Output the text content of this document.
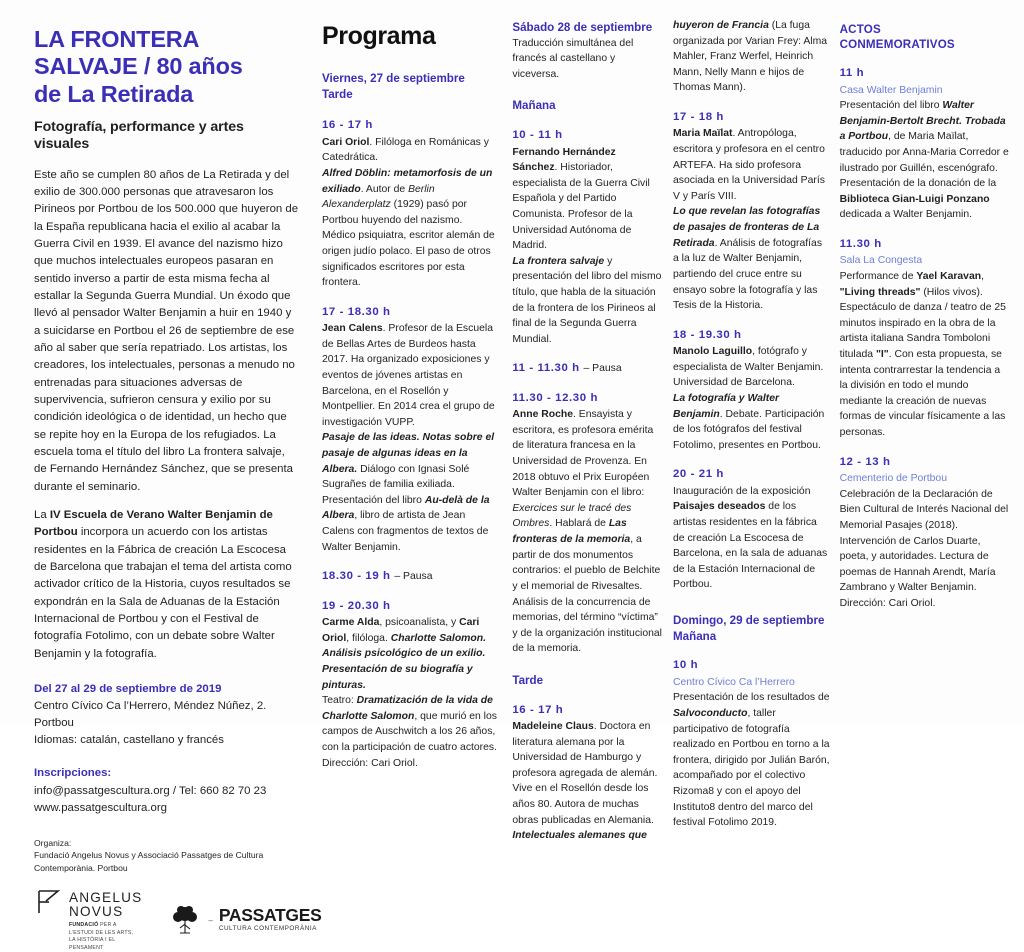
LA FRONTERA
SALVAJE / 80 años
de La Retirada
Fotografía, performance y artes visuales

Este año se cumplen 80 años de La Retirada y del exilio de 300.000 personas que atravesaron los Pirineos por Portbou de los 500.000 que huyeron de la España republicana hacia el exilio al acabar la Guerra Civil en 1939. El avance del nazismo hizo que muchos intelectuales europeos pasaran en sentido inverso a partir de esta misma fecha al estallar la Segunda Guerra Mundial. Un éxodo que llevó al pensador Walter Benjamin a huir en 1940 y a suicidarse en Portbou el 26 de septiembre de ese año al saber que sería repatriado. Los artistas, los creadores, los intelectuales, personas a menudo no entrenadas para situaciones adversas de supervivencia, sufrieron censura y exilio por su condición ideológica o de identidad, un hecho que se repite hoy en la Europa de los refugiados. La escuela toma el título del libro La frontera salvaje, de Fernando Hernández Sánchez, que se presenta durante el seminario.

La IV Escuela de Verano Walter Benjamin de Portbou incorpora un acuerdo con los artistas residentes en la Fábrica de creación La Escocesa de Barcelona que trabajan el tema del artista como activador crítico de la Historia, cuyos resultados se expondrán en la Sala de Aduanas de la Estación Internacional de Portbou y con el Festival de fotografía Fotolimo, con un debate sobre Walter Benjamin y la fotografía.

Del 27 al 29 de septiembre de 2019
Centro Cívico Ca l’Herrero, Méndez Núñez, 2. Portbou
Idiomas: catalán, castellano y francés
Inscripciones:
info@passatgescultura.org / Tel: 660 82 70 23
www.passatgescultura.org
Organiza:
Fundació Angelus Novus y Associació Passatges de Cultura Contemporània. Portbou
ANGELUS NOVUS
FUNDACIÓ PER A L’ESTUDI DE LES ARTS,
LA HISTÒRIA I EL PENSAMENT
– PASSATGES
CULTURA CONTEMPORÀNIA
Programa
Viernes, 27 de septiembre
Tarde
16 - 17 h
Cari Oriol. Filóloga en Románicas y Catedrática.
Alfred Döblin: metamorfosis de un exiliado. Autor de Berlin Alexanderplatz (1929) pasó por Portbou huyendo del nazismo. Médico psiquiatra, escritor alemán de origen judío polaco. El paso de otros significados escritores por esta frontera.
17 - 18.30 h
Jean Calens. Profesor de la Escuela de Bellas Artes de Burdeos hasta 2017. Ha organizado exposiciones y eventos de jóvenes artistas en Barcelona, en el Rosellón y Montpellier. En 2014 crea el grupo de investigación VUPP.
Pasaje de las ideas. Notas sobre el pasaje de algunas ideas en la Albera. Diálogo con Ignasi Solé Sugrañes de familia exiliada. Presentación del libro Au-delà de la Albera, libro de artista de Jean Calens con fragmentos de textos de Walter Benjamin.
18.30 - 19 h – Pausa
19 - 20.30 h
Carme Alda, psicoanalista, y Cari Oriol, filóloga. Charlotte Salomon. Análisis psicológico de un exilio. Presentación de su biografía y pinturas.
Teatro: Dramatización de la vida de Charlotte Salomon, que murió en los campos de Auschwitch a los 26 años, con la participación de cuatro actores. Dirección: Cari Oriol.
Sábado 28 de septiembre
Traducción simultánea del francés al castellano y viceversa.
Mañana
10 - 11 h
Fernando Hernández Sánchez. Historiador, especialista de la Guerra Civil Española y del Partido Comunista. Profesor de la Universidad Autónoma de Madrid.
La frontera salvaje y presentación del libro del mismo título, que habla de la situación de la frontera de los Pirineos al final de la Segunda Guerra Mundial.
11 - 11.30 h – Pausa
11.30 - 12.30 h
Anne Roche. Ensayista y escritora, es profesora emérita de literatura francesa en la Universidad de Provenza. En 2018 obtuvo el Prix Européen Walter Benjamin con el libro: Exercices sur le tracé des Ombres. Hablará de Las fronteras de la memoria, a partir de dos monumentos contrarios: el pueblo de Belchite y el memorial de Rivesaltes. Análisis de la concurrencia de memorias, del término “víctima” y de la organización institucional de la memoria.
Tarde
16 - 17 h
Madeleine Claus. Doctora en literatura alemana por la Universidad de Hamburgo y profesora agregada de alemán. Vive en el Rosellón desde los años 80. Autora de muchas obras publicadas en Alemania.
Intelectuales alemanes que
huyeron de Francia (La fuga organizada por Varian Frey: Alma Mahler, Franz Werfel, Heinrich Mann, Nelly Mann e hijos de Thomas Mann).
17 - 18 h
Maria Maïlat. Antropóloga, escritora y profesora en el centro ARTEFA. Ha sido profesora asociada en la Universidad París V y París VIII.
Lo que revelan las fotografías de pasajes de fronteras de La Retirada. Análisis de fotografías a la luz de Walter Benjamin, partiendo del cruce entre su ensayo sobre la fotografía y las Tesis de la Historia.
18 - 19.30 h
Manolo Laguillo, fotógrafo y especialista de Walter Benjamin. Universidad de Barcelona.
La fotografía y Walter Benjamin. Debate. Participación de los fotógrafos del festival Fotolimo, presentes en Portbou.
20 - 21 h
Inauguración de la exposición Paisajes deseados de los artistas residentes en la fábrica de creación La Escocesa de Barcelona, en la sala de aduanas de la Estación Internacional de Portbou.
Domingo, 29 de septiembre
Mañana
10 h
Centro Cívico Ca l’Herrero
Presentación de los resultados de Salvoconducto, taller participativo de fotografía realizado en Portbou en torno a la frontera, dirigido por Julián Barón, acompañado por el colectivo Rizoma8 y con el apoyo del Instituto8 dentro del marco del festival Fotolimo 2019.
ACTOS
CONMEMORATIVOS
11 h
Casa Walter Benjamin
Presentación del libro Walter Benjamin-Bertolt Brecht. Trobada a Portbou, de Maria Maïlat, traducido por Anna-Maria Corredor e ilustrado por Guillén, escenógrafo.
Presentación de la donación de la Biblioteca Gian-Luigi Ponzano dedicada a Walter Benjamin.
11.30 h
Sala La Congesta
Performance de Yael Karavan, "Living threads" (Hilos vivos). Espectáculo de danza / teatro de 25 minutos inspirado en la obra de la artista italiana Sandra Tomboloni titulada "I". Con esta propuesta, se intenta contrarrestar la tendencia a la división en todo el mundo mediante la creación de nuevas formas de vincular físicamente a las personas.
12 - 13 h
Cementerio de Portbou
Celebración de la Declaración de Bien Cultural de Interés Nacional del Memorial Pasajes (2018). Intervención de Carlos Duarte, poeta, y autoridades. Lectura de poemas de Hannah Arendt, María Zambrano y Walter Benjamin. Dirección: Cari Oriol.
